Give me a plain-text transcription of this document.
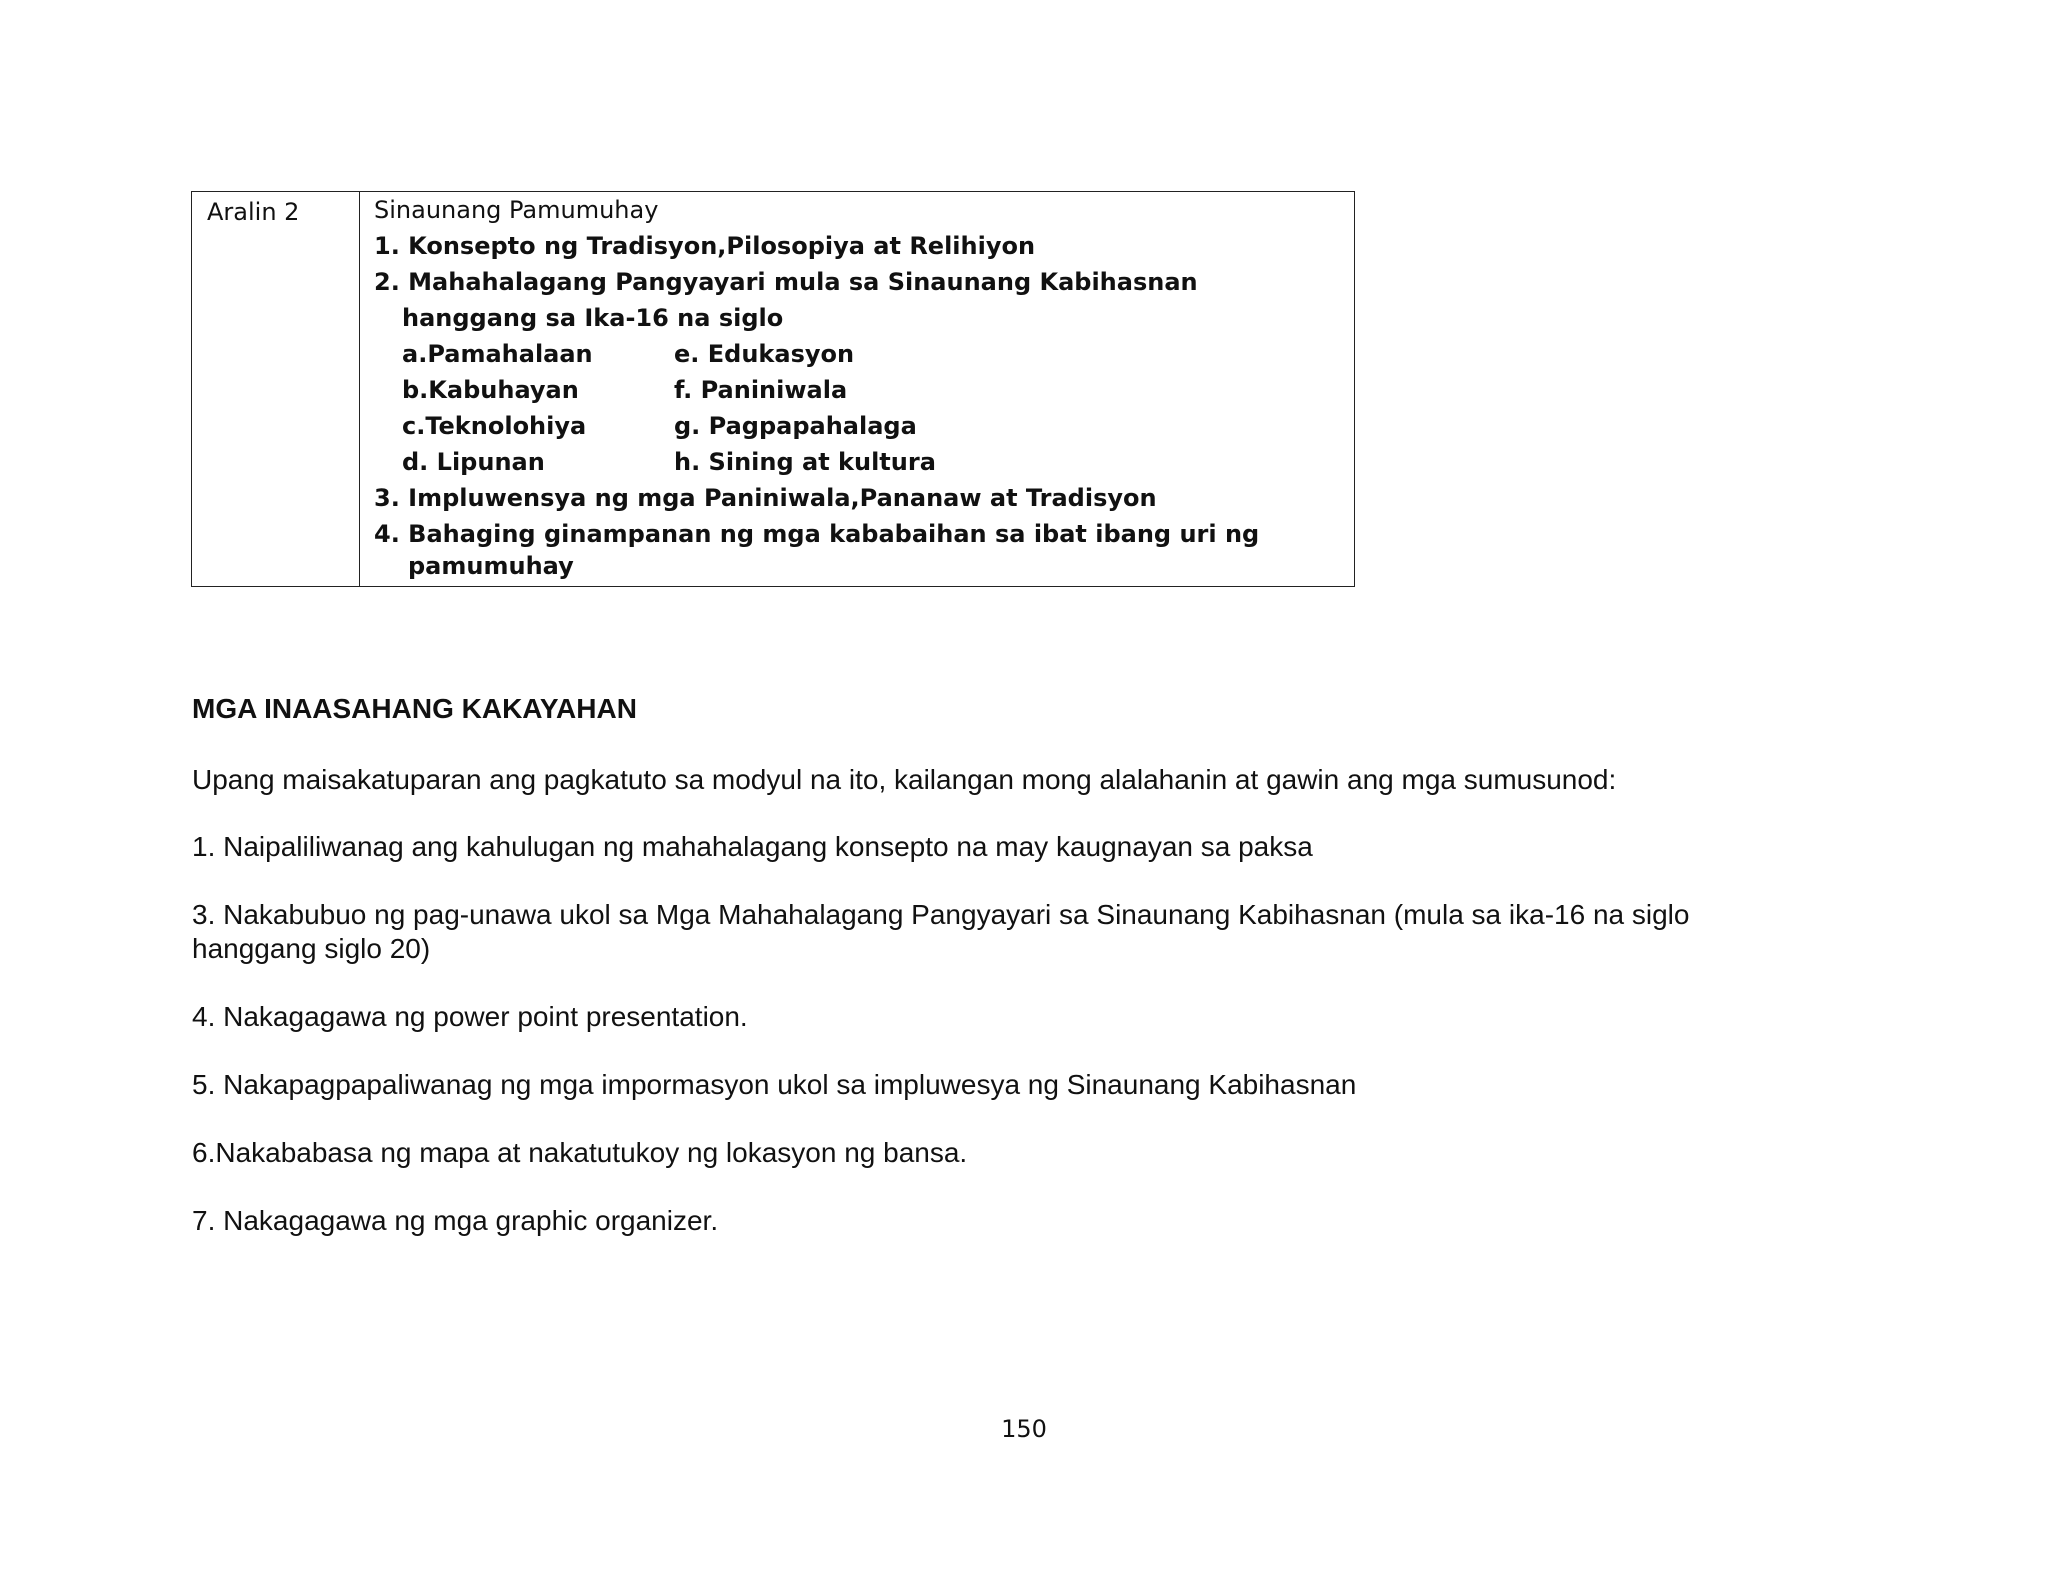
Aralin 2	Sinaunang Pamumuhay
1. Konsepto ng Tradisyon,Pilosopiya at Relihiyon
2. Mahahalagang Pangyayari mula sa Sinaunang Kabihasnan
hanggang sa Ika-16 na siglo
a.Pamahalaan	e. Edukasyon
b.Kabuhayan	f. Paniniwala
c.Teknolohiya	g. Pagpapahalaga
d. Lipunan	h. Sining at kultura
3. Impluwensya ng mga Paniniwala,Pananaw at Tradisyon
4. Bahaging ginampanan ng mga kababaihan sa ibat ibang uri ng
pamumuhay
MGA INAASAHANG KAKAYAHAN
Upang maisakatuparan ang pagkatuto sa modyul na ito, kailangan mong alalahanin at gawin ang mga sumusunod:
1. Naipaliliwanag ang kahulugan ng mahahalagang konsepto na may kaugnayan sa paksa
3. Nakabubuo ng pag-unawa ukol sa Mga Mahahalagang Pangyayari sa Sinaunang Kabihasnan (mula sa ika-16 na siglo hanggang siglo 20)
4. Nakagagawa ng power point presentation.
5. Nakapagpapaliwanag ng mga impormasyon ukol sa impluwesya ng Sinaunang Kabihasnan
6.Nakababasa ng mapa at nakatutukoy ng lokasyon ng bansa.
7. Nakagagawa ng mga graphic organizer.
150
